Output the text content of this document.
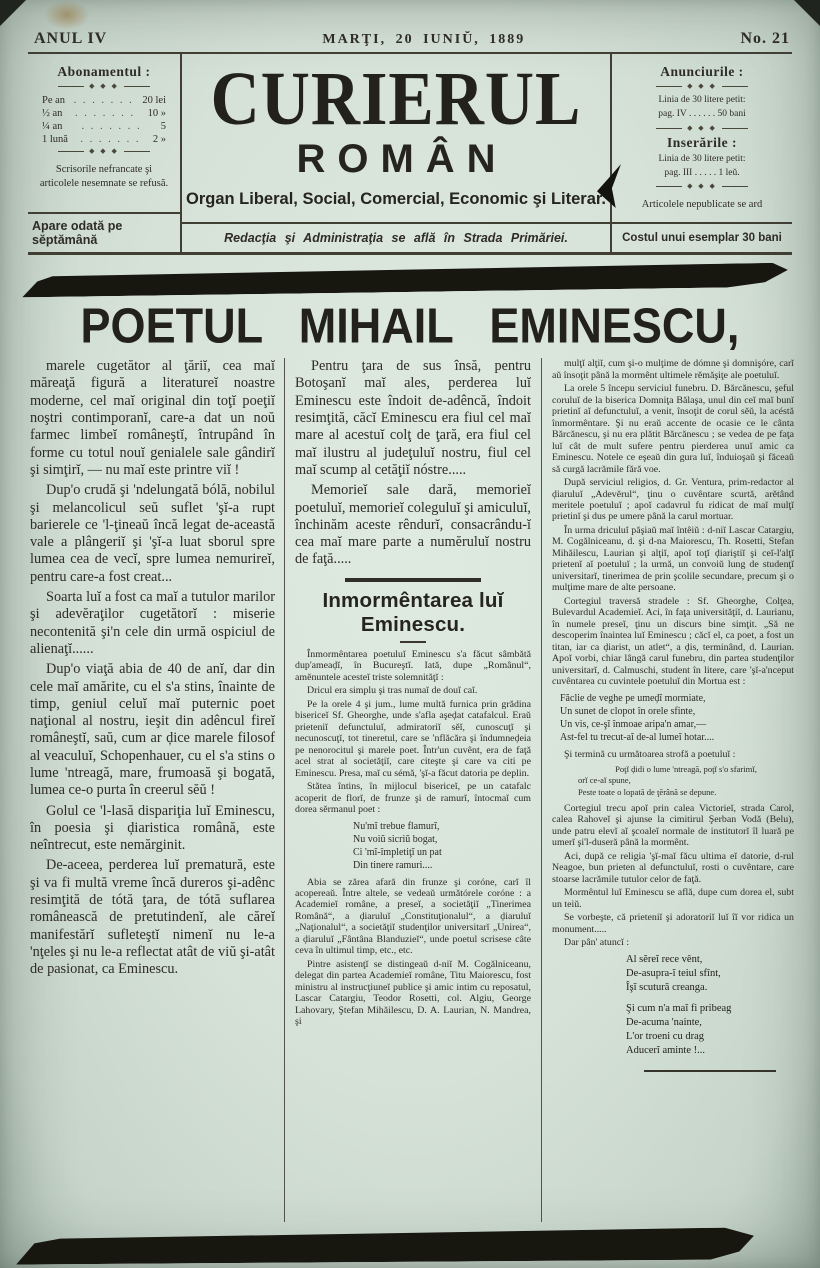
ANUL IV	MARŢI, 20 IUNIŬ, 1889	No. 21
Abonamentul :
◆ ◆ ◆
Pe an . . . . . . . 20 lei
½ an	. . . . . . .	10 »
¼ an	. . . . . . .	5
1 lună	. . . . . . .	2 »
◆ ◆ ◆

Scrisorile nefrancate şi articolele nesemnate se refusă.

Apare odată pe sĕptămână
CURIERUL
ROMÂN
Organ Liberal, Social, Comercial, Economic şi Literar.
Redacţia şi Administraţia se află în Strada Primăriei.
Anunciurile :
◆ ◆ ◆

Linia de 30 litere petit:

pag. IV . . . . . . 50 bani

◆ ◆ ◆
Inserările :

Linia de 30 litere petit:

pag. III . . . . . 1 leŭ.

◆ ◆ ◆

Articolele nepublicate se ard

Costul unui esemplar 30 bani
POETUL MIHAIL EMINESCU,

marele cugetător al ţăriĭ, cea maĭ măreaţă figură a literatureĭ noastre moderne, cel maĭ original din toţĭ poeţiĭ noştri contimporanĭ, care-a dat un noŭ farmec limbeĭ româneştĭ, întrupând în forme cu totul nouĭ genialele sale gândirĭ şi simţirĭ, — nu maĭ este printre viĭ !

Dup'o crudă şi 'ndelungată bólă, nobilul şi melancolicul seŭ suflet 'şĭ-a rupt barierele ce 'l-ţineaŭ încă legat de-această vale a plângeriĭ şi 'şĭ-a luat sborul spre lumea cea de vecĭ, spre lumea nemurireĭ, pentru care-a fost creat...

Soarta luĭ a fost ca maĭ a tutulor marilor şi adevĕraţilor cugetătorĭ : miserie necontenită şi'n cele din urmă ospiciul de alienaţĭ......

Dup'o viaţă abia de 40 de anĭ, dar din cele maĭ amărite, cu el s'a stins, înainte de timp, geniul celuĭ maĭ puternic poet naţional al nostru, ieşit din adêncul fireĭ româneştĭ, saŭ, cum ar ḑice marele filosof al veaculuĭ, Schopenhauer, cu el s'a stins o lume 'ntreagă, mare, frumoasă şi bogată, lumea ce-o purta în creerul sĕŭ !

Golul ce 'l-lasă dispariţia luĭ Eminescu, în poesia şi ḑiaristica română, este neîntrecut, este nemărginit.

De-aceea, perderea luĭ prematură, este şi va fi multă vreme încă dureros şi-adênc resimţită de tótă ţara, de tótă suflarea românească de pretutindenĭ, ale căreĭ manifestărĭ sufleteştĭ nimenĭ nu le-a 'nţeles şi nu le-a reflectat atât de viŭ şi-atât de pasionat, ca Eminescu.

Pentru ţara de sus însă, pentru Botoşanĭ maĭ ales, perderea luĭ Eminescu este îndoit de-adêncă, îndoit resimţită, căcĭ Eminescu era fiul cel maĭ mare al acestuĭ colţ de ţară, era fiul cel maĭ ilustru al judeţuluĭ nostru, fiul cel maĭ scump al cetăţiĭ nóstre.....

Memorieĭ sale dară, memorieĭ poetuluĭ, memorieĭ coleguluĭ şi amiculuĭ, închinăm aceste rêndurĭ, consacrându-ĭ cea maĭ mare parte a numĕruluĭ nostru de faţă.....

Inmormêntarea luĭ Eminescu.

Înmormêntarea poetuluĭ Eminescu s'a făcut sâmbătă dup'ameaḑĭ, în Bucureştĭ. Iată, dupe „Românul“, amĕnuntele acesteĭ triste solemnităţĭ :

Dricul era simplu şi tras numaĭ de douĭ caĭ.

Pe la orele 4 şi jum., lume multă furnica prin grădina bisericeĭ Sf. Gheorghe, unde s'afla aşeḑat catafalcul. Eraŭ prieteniĭ defunctuluĭ, admiratoriĭ sĕĭ, cunoscuţĭ şi necunoscuţĭ, tot tineretul, care se 'nflăcăra şi îndumneḑeia pe nenorocitul şi marele poet. Într'un cuvênt, era de faţă acel strat al societăţiĭ, care citeşte şi care va citi pe Eminescu. Presa, maĭ cu sémă, 'şĭ-a făcut datoria pe deplin.

Stătea întins, în mijlocul bisericeĭ, pe un catafalc acoperit de florĭ, de frunze şi de ramurĭ, întocmaĭ cum dorea sĕrmanul poet :

Nu'mĭ trebue flamurĭ,
Nu voiŭ sicriŭ bogat,
Ci 'mĭ-împletiţĭ un pat
Din tinere ramuri....

Abia se zărea afară din frunze şi coróne, carĭ îl acopereaŭ. Între altele, se vedeaŭ următórele coróne : a Academieĭ române, a preseĭ, a societăţiĭ „Tinerimea Română“, a ḑiaruluĭ „Constituţionalul“, a ḑiaruluĭ „Naţionalul“, a societăţiĭ studenţilor universitarĭ „Unirea“, a ḑiaruluĭ „Fântâna Blanduzieĭ“, unde poetul scrisese câte ceva în ultimul timp, etc., etc.

Pintre asistenţĭ se distingeaŭ d-niĭ M. Cogălniceanu, delegat din partea Academieĭ române, Titu Maiorescu, fost ministru al instrucţiuneĭ publice şi amic intim cu reposatul, Lascar Catargiu, Teodor Rosetti, col. Algiu, George Lahovary, Ştefan Mihăilescu, D. A. Laurian, N. Mandrea, şi

mulţĭ alţiĭ, cum şi-o mulţime de dómne şi domnişóre, carĭ aŭ însoţit până la mormênt ultimele rĕmăşiţe ale poetuluĭ.

La orele 5 începu serviciul funebru. D. Bărcănescu, şeful coruluĭ de la biserica Domniţa Bălaşa, unul din ceĭ maĭ bunĭ prietinĭ aĭ defunctuluĭ, a venit, însoţit de corul sĕŭ, la acéstă înmormêntare. Şi nu eraŭ accente de ocasie ce le cânta Bărcănescu, şi nu era plătit Bărcănescu ; se vedea de pe faţa luĭ cât de mult sufere pentru pierderea unuĭ amic ca Eminescu. Notele ce eşeaŭ din gura luĭ, înduioşaŭ şi făceaŭ să curgă lacrămile fără voe.

După serviciul religios, d. Gr. Ventura, prim-redactor al ḑiaruluĭ „Adevĕrul“, ţinu o cuvêntare scurtă, arĕtând meritele poetuluĭ ; apoĭ cadavrul fu ridicat de maĭ mulţĭ prietinĭ şi dus pe umere până la carul mortuar.

În urma driculuĭ păşiaŭ maĭ întêiŭ : d-niĭ Lascar Catargiu, M. Cogălniceanu, d. şi d-na Maiorescu, Th. Rosetti, Stefan Mihăilescu, Laurian şi alţiĭ, apoĭ toţĭ ḑiariştiĭ şi ceĭ-l'alţĭ prietenĭ aĭ poetuluĭ ; la urmă, un convoiŭ lung de studenţĭ universitarĭ, tinerimea de prin şcolile secundare, precum şi o mulţime mare de alte persoane.

Cortegiul traversă stradele : Sf. Gheorghe, Colţea, Bulevardul Academieĭ. Aci, în faţa universităţiĭ, d. Laurianu, în numele preseĭ, ţinu un discurs bine simţit. „Să ne descoperim înaintea luĭ Eminescu ; căcĭ el, ca poet, a fost un titan, iar ca ḑiarist, un atlet“, a ḑis, terminând, d. Laurian. Apoĭ vorbi, chiar lângă carul funebru, din partea studenţilor universitarĭ, d. Calmuschi, student în litere, care 'şĭ-a'nceput cuvêntarea cu cuvintele poetuluĭ din Mortua est :

Făclie de veghe pe umeḑĭ mormiate,
Un sunet de clopot în orele sfinte,
Un vis, ce-şĭ înmoae aripa'n amar,—
Ast-fel tu trecut-aĭ de-al lumeĭ hotar....

Şi termină cu următoarea strofă a poetuluĭ :

Poţĭ ḑidi o lume 'ntreagă, poţĭ s'o sfarimĭ,
orĭ ce-aĭ spune,
Peste toate o lopată de ţĕrână se depune.

Cortegiul trecu apoĭ prin calea Victorieĭ, strada Carol, calea Rahoveĭ şi ajunse la cimitirul Şerban Vodă (Belu), unde patru elevĭ aĭ şcoaleĭ normale de institutorĭ îl luară pe umerĭ şi'l-duseră până la mormênt.

Aci, după ce religia 'şĭ-maĭ făcu ultima eĭ datorie, d-rul Neagoe, bun prieten al defunctuluĭ, rosti o cuvêntare, care stoarse lacrămile tutulor celor de faţă.

Mormêntul luĭ Eminescu se află, dupe cum dorea el, subt un teiŭ.

Se vorbeşte, că prieteniĭ şi adoratoriĭ luĭ îĭ vor ridica un monument.....

Dar pân' atuncĭ :

Al sĕreĭ rece vênt,
De-asupra-ĭ teiul sfînt,
Îşĭ scutură creanga.
Şi cum n'a maĭ fi pribeag
De-acuma 'nainte,
L'or troeni cu drag
Aducerĭ aminte !...
